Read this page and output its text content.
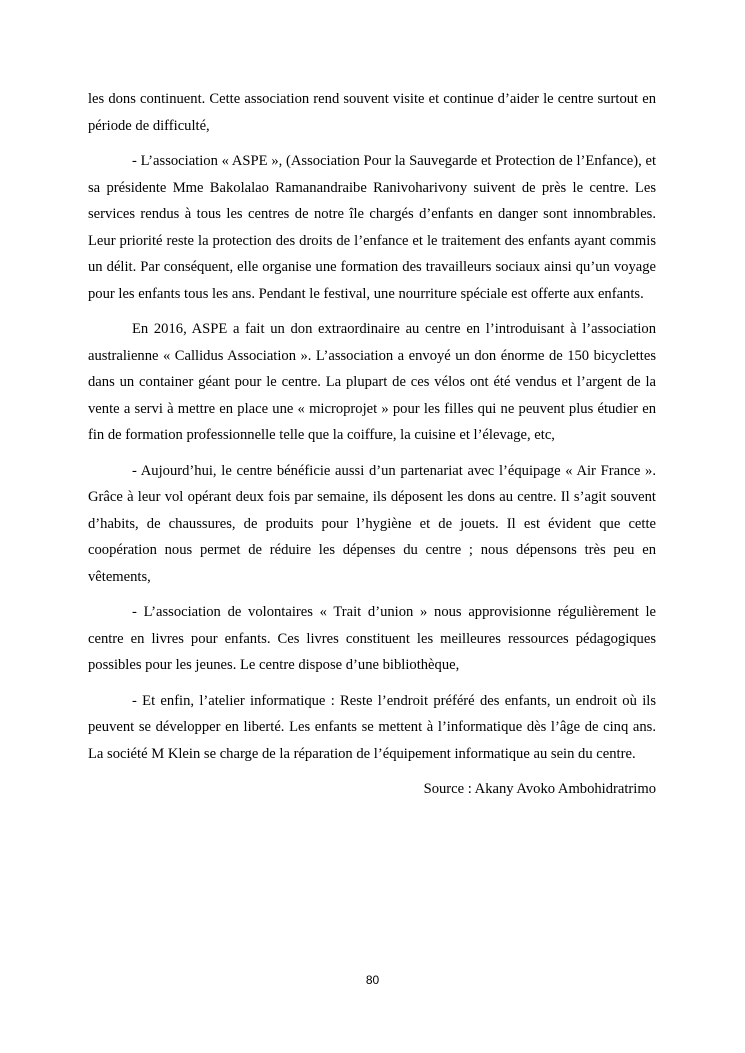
les dons continuent. Cette association rend souvent visite et continue d’aider le centre surtout en période de difficulté,

- L’association « ASPE », (Association Pour la Sauvegarde et Protection de l’Enfance), et sa présidente Mme Bakolalao Ramanandraibe Ranivoharivony suivent de près le centre. Les services rendus à tous les centres de notre île chargés d’enfants en danger sont innombrables. Leur priorité reste la protection des droits de l’enfance et le traitement des enfants ayant commis un délit. Par conséquent, elle organise une formation des travailleurs sociaux ainsi qu’un voyage pour les enfants tous les ans. Pendant le festival, une nourriture spéciale est offerte aux enfants.

En 2016, ASPE a fait un don extraordinaire au centre en l’introduisant à l’association australienne « Callidus Association ». L’association a envoyé un don énorme de 150 bicyclettes dans un container géant pour le centre. La plupart de ces vélos ont été vendus et l’argent de la vente a servi à mettre en place une « microprojet » pour les filles qui ne peuvent plus étudier en fin de formation professionnelle telle que la coiffure, la cuisine et l’élevage, etc,

- Aujourd’hui, le centre bénéficie aussi d’un partenariat avec l’équipage « Air France ». Grâce à leur vol opérant deux fois par semaine, ils déposent les dons au centre. Il s’agit souvent d’habits, de chaussures, de produits pour l’hygiène et de jouets. Il est évident que cette coopération nous permet de réduire les dépenses du centre ; nous dépensons très peu en vêtements,

- L’association de volontaires « Trait d’union » nous approvisionne régulièrement le centre en livres pour enfants. Ces livres constituent les meilleures ressources pédagogiques possibles pour les jeunes. Le centre dispose d’une bibliothèque,

- Et enfin, l’atelier informatique : Reste l’endroit préféré des enfants, un endroit où ils peuvent se développer en liberté. Les enfants se mettent à l’informatique dès l’âge de cinq ans. La société M Klein se charge de la réparation de l’équipement informatique au sein du centre.

Source : Akany Avoko Ambohidratrimo

80
